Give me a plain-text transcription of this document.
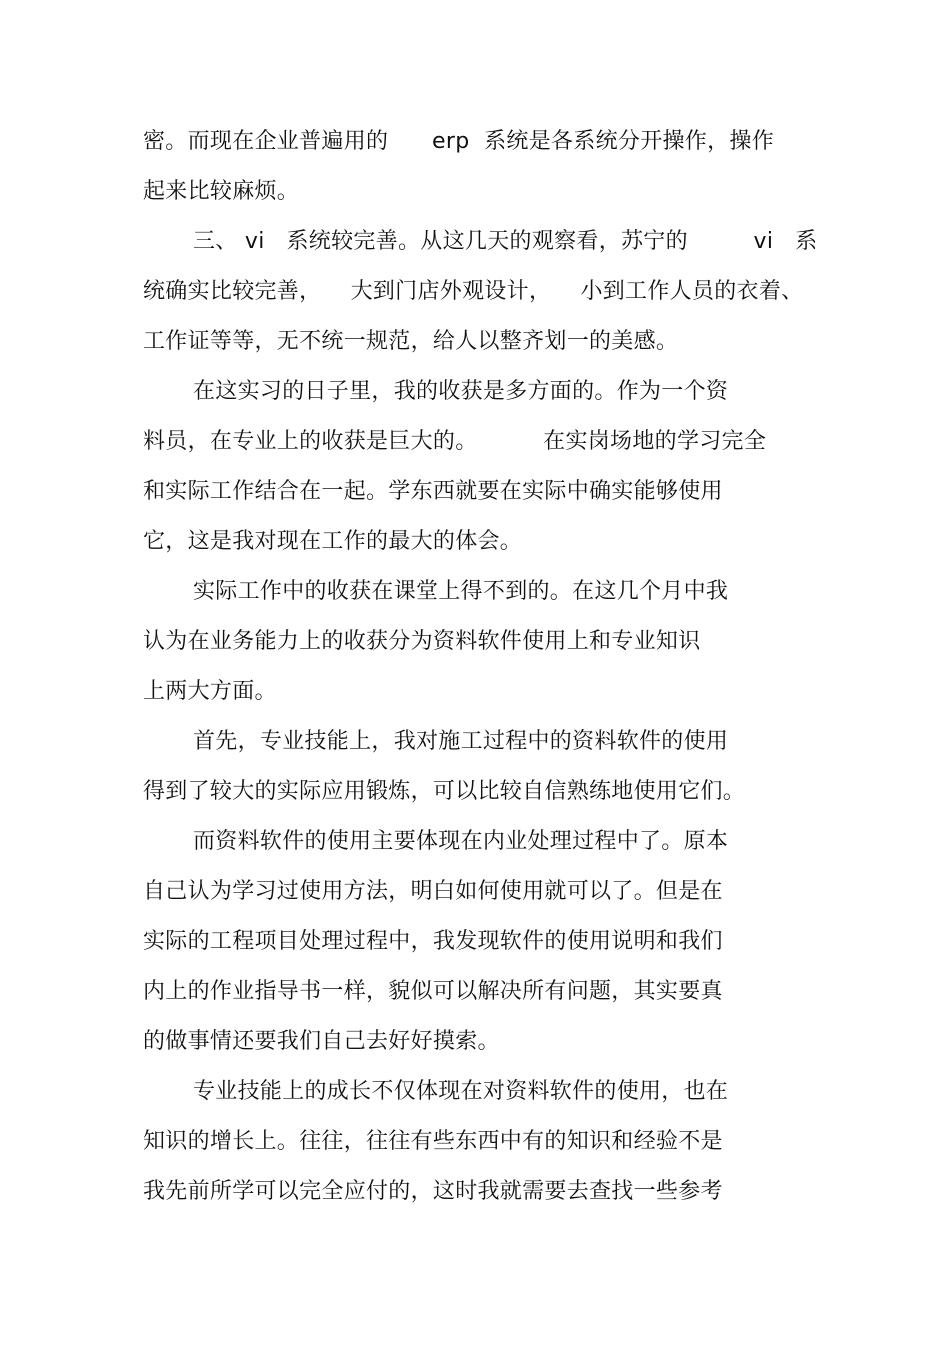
密。而现在企业普遍用的      erp  系统是各系统分开操作，操作
起来比较麻烦。
三、 vi   系统较完善。从这几天的观察看，苏宁的         vi   系
统确实比较完善，    大到门店外观设计，    小到工作人员的衣着、
工作证等等，无不统一规范，给人以整齐划一的美感。
在这实习的日子里，我的收获是多方面的。作为一个资
料员，在专业上的收获是巨大的。         在实岗场地的学习完全
和实际工作结合在一起。学东西就要在实际中确实能够使用
它，这是我对现在工作的最大的体会。
实际工作中的收获在课堂上得不到的。在这几个月中我
认为在业务能力上的收获分为资料软件使用上和专业知识
上两大方面。
首先，专业技能上，我对施工过程中的资料软件的使用
得到了较大的实际应用锻炼，可以比较自信熟练地使用它们。
而资料软件的使用主要体现在内业处理过程中了。原本
自己认为学习过使用方法，明白如何使用就可以了。但是在
实际的工程项目处理过程中，我发现软件的使用说明和我们
内上的作业指导书一样，貌似可以解决所有问题，其实要真
的做事情还要我们自己去好好摸索。
专业技能上的成长不仅体现在对资料软件的使用，也在
知识的增长上。往往，往往有些东西中有的知识和经验不是
我先前所学可以完全应付的，这时我就需要去查找一些参考
